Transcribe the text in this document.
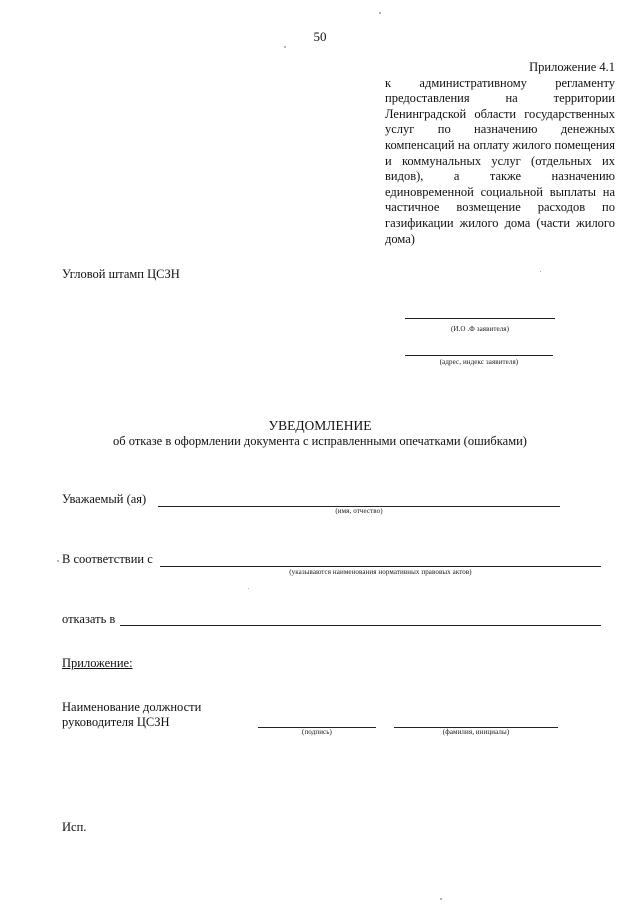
50
Приложение 4.1
к административному регламенту предоставления на территории Ленинградской области государственных услуг по назначению денежных компенсаций на оплату жилого помещения и коммунальных услуг (отдельных их видов), а также назначению единовременной социальной выплаты на частичное возмещение расходов по газификации жилого дома (части жилого дома)
Угловой штамп ЦСЗН
(И.О .Ф заявителя)
(адрес, индекс заявителя)
УВЕДОМЛЕНИЕ
об отказе в оформлении документа с исправленными опечатками (ошибками)
Уважаемый (ая)
(имя, отчество)
В соответствии с
(указываются наименования нормативных правовых актов)
отказать в
Приложение:
Наименование должности
руководителя ЦСЗН
(подпись)	(фамилия, инициалы)
Исп.
